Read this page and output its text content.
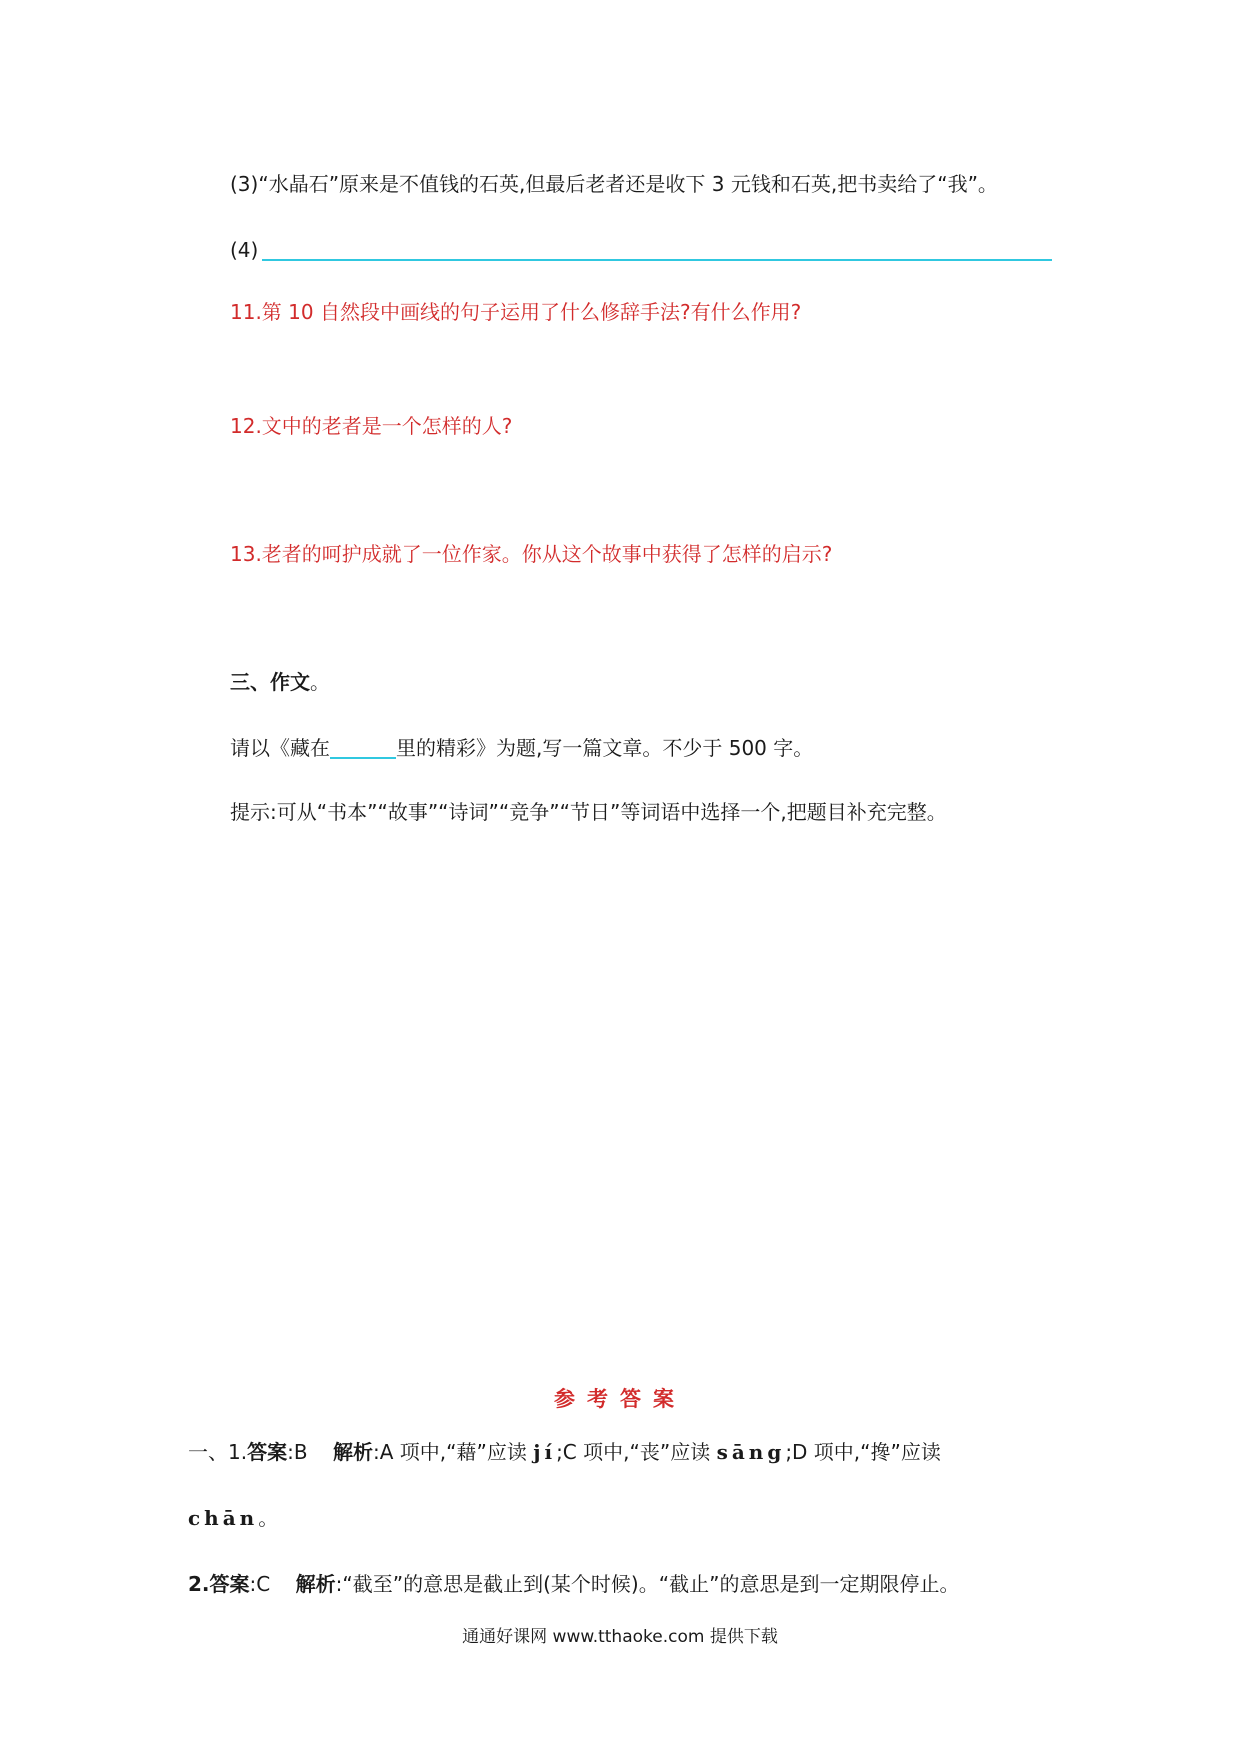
(3)“水晶石”原来是不值钱的石英,但最后老者还是收下 3 元钱和石英,把书卖给了“我”。
(4)
11.第 10 自然段中画线的句子运用了什么修辞手法?有什么作用?
12.文中的老者是一个怎样的人?
13.老者的呵护成就了一位作家。你从这个故事中获得了怎样的启示?
三、作文。
请以《藏在	里的精彩》为题,写一篇文章。不少于 500 字。
提示:可从“书本”“故事”“诗词”“竞争”“节日”等词语中选择一个,把题目补充完整。
参考答案
一、1.答案:B 解析:A 项中,“藉”应读 jí;C 项中,“丧”应读 sāng;D 项中,“搀”应读
chān。
2.答案:C 解析:“截至”的意思是截止到(某个时候)。“截止”的意思是到一定期限停止。
通通好课网 www.tthaoke.com 提供下载
